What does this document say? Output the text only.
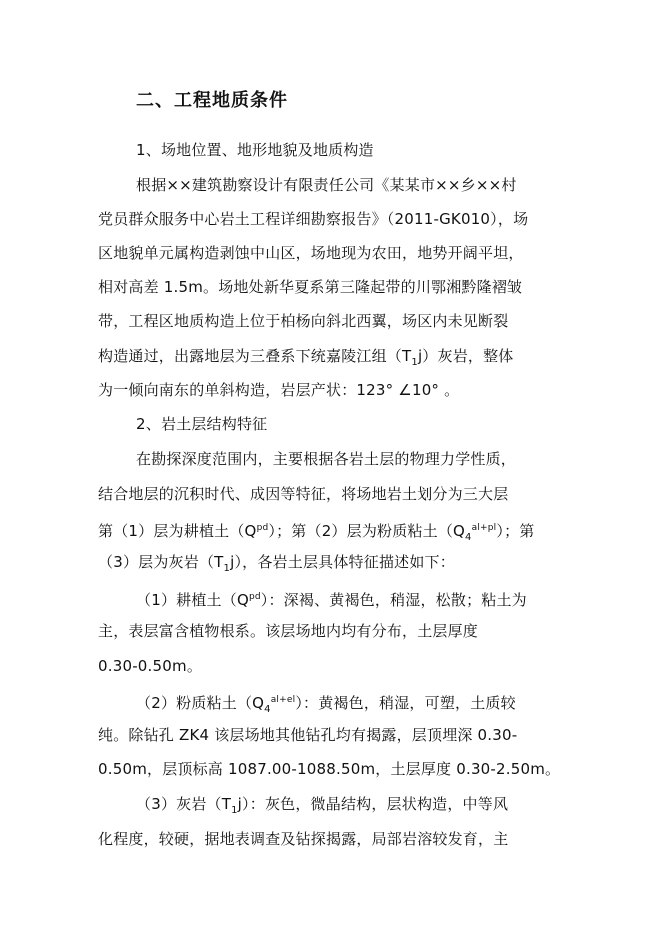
二、工程地质条件
1、场地位置、地形地貌及地质构造
根据××建筑勘察设计有限责任公司《某某市××乡××村
党员群众服务中心岩土工程详细勘察报告》（2011-GK010），场
区地貌单元属构造剥蚀中山区，场地现为农田，地势开阔平坦，
相对高差 1.5m。场地处新华夏系第三隆起带的川鄂湘黔隆褶皱
带，工程区地质构造上位于柏杨向斜北西翼，场区内未见断裂
构造通过，出露地层为三叠系下统嘉陵江组$(T_1j)$灰岩，整体
为一倾向南东的单斜构造，岩层产状：123° ∠10° 。
2、岩土层结构特征
在勘探深度范围内，主要根据各岩土层的物理力学性质，
结合地层的沉积时代、成因等特征，将场地岩土划分为三大层
第（1）层为耕植土$(Q^{pd})$；第（2）层为粉质粘土$(Q_4^{al+pl})$；第
（3）层为灰岩$(T_1j)$，各岩土层具体特征描述如下：
（1）耕植土$(Q^{pd})$：深褐、黄褐色，稍湿，松散；粘土为
主，表层富含植物根系。该层场地内均有分布，土层厚度
0.30-0.50m。
（2）粉质粘土$(Q_4^{al+el})$：黄褐色，稍湿，可塑，土质较
纯。除钻孔 ZK4 该层场地其他钻孔均有揭露，层顶埋深 0.30-
0.50m，层顶标高 1087.00-1088.50m，土层厚度 0.30-2.50m。
（3）灰岩$(T_1j)$：灰色，微晶结构，层状构造，中等风
化程度，较硬，据地表调查及钻探揭露，局部岩溶较发育，主
